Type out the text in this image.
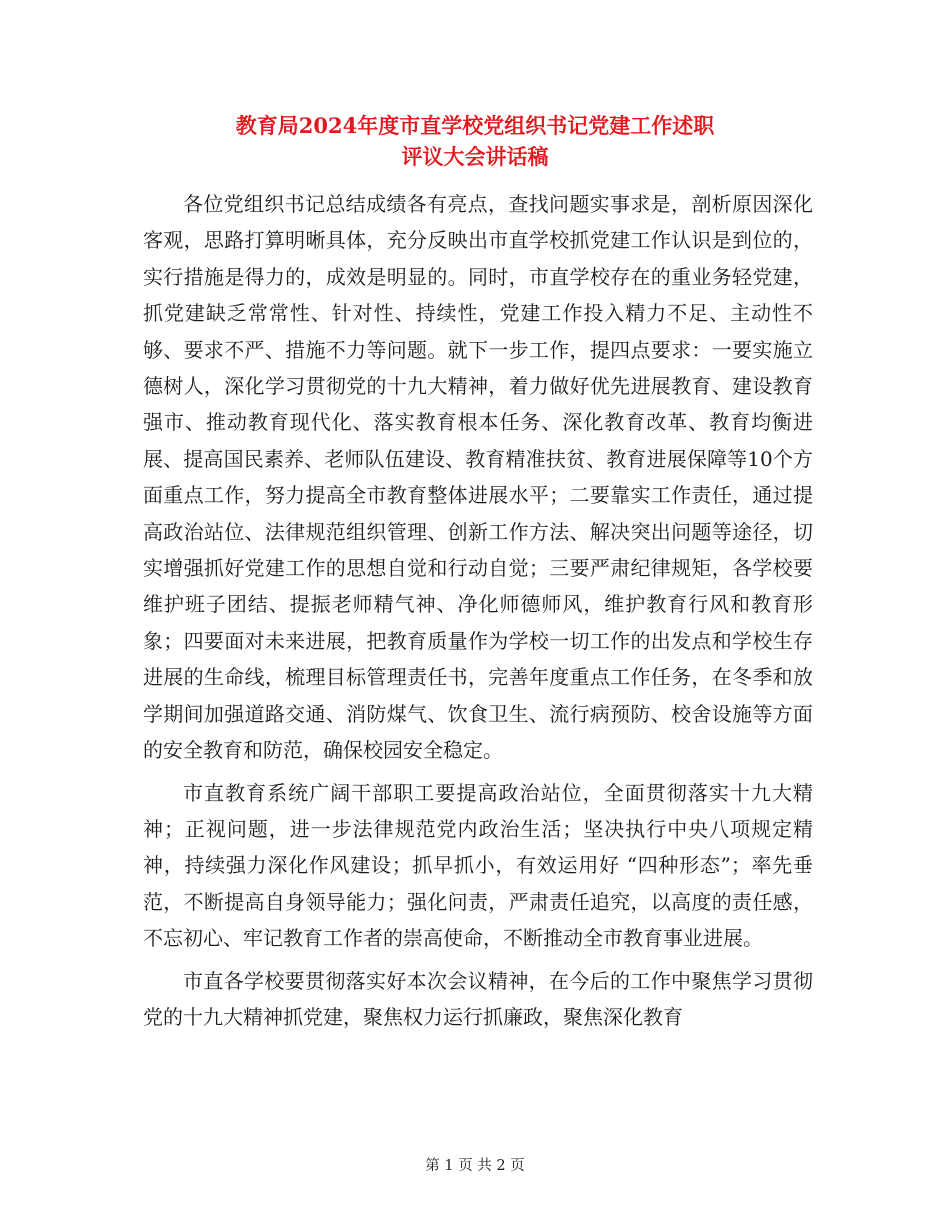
教育局2024年度市直学校党组织书记党建工作述职
评议大会讲话稿

各位党组织书记总结成绩各有亮点，查找问题实事求是，剖析原因深化客观，思路打算明晰具体，充分反映出市直学校抓党建工作认识是到位的，实行措施是得力的，成效是明显的。同时，市直学校存在的重业务轻党建，抓党建缺乏常常性、针对性、持续性，党建工作投入精力不足、主动性不够、要求不严、措施不力等问题。就下一步工作，提四点要求：一要实施立德树人，深化学习贯彻党的十九大精神，着力做好优先进展教育、建设教育强市、推动教育现代化、落实教育根本任务、深化教育改革、教育均衡进展、提高国民素养、老师队伍建设、教育精准扶贫、教育进展保障等10个方面重点工作，努力提高全市教育整体进展水平；二要靠实工作责任，通过提高政治站位、法律规范组织管理、创新工作方法、解决突出问题等途径，切实增强抓好党建工作的思想自觉和行动自觉；三要严肃纪律规矩，各学校要维护班子团结、提振老师精气神、净化师德师风，维护教育行风和教育形象；四要面对未来进展，把教育质量作为学校一切工作的出发点和学校生存进展的生命线，梳理目标管理责任书，完善年度重点工作任务，在冬季和放学期间加强道路交通、消防煤气、饮食卫生、流行病预防、校舍设施等方面的安全教育和防范，确保校园安全稳定。

市直教育系统广阔干部职工要提高政治站位，全面贯彻落实十九大精神；正视问题，进一步法律规范党内政治生活；坚决执行中央八项规定精神，持续强力深化作风建设；抓早抓小，有效运用好 “四种形态”；率先垂范，不断提高自身领导能力；强化问责，严肃责任追究，以高度的责任感，不忘初心、牢记教育工作者的崇高使命，不断推动全市教育事业进展。

市直各学校要贯彻落实好本次会议精神，在今后的工作中聚焦学习贯彻党的十九大精神抓党建，聚焦权力运行抓廉政，聚焦深化教育

第 1 页 共 2 页
